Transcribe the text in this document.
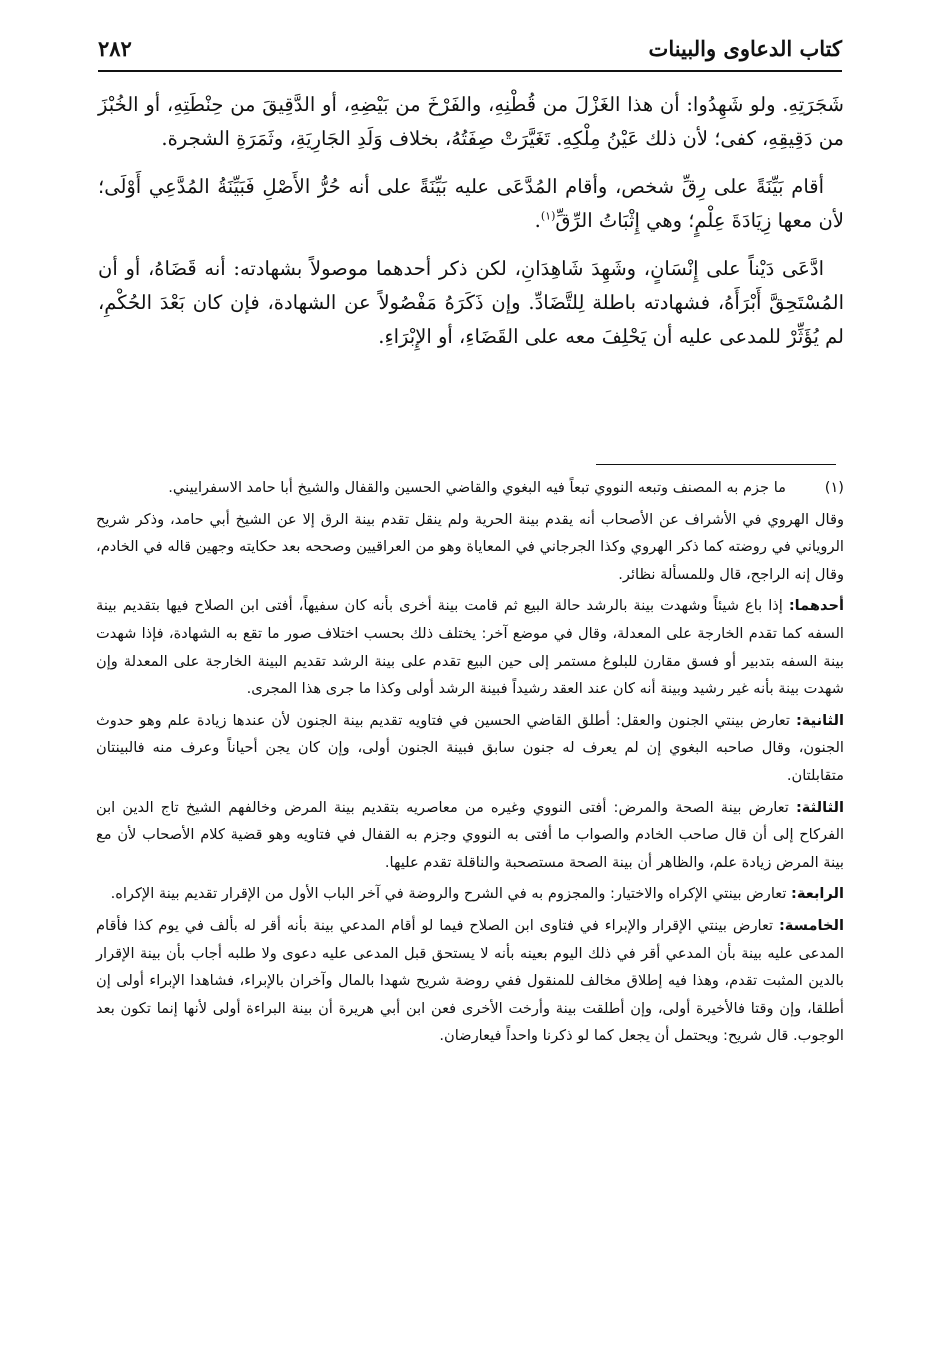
كتاب الدعاوى والبينات
٢٨٢

شَجَرَتِهِ. ولو شَهِدُوا: أن هذا الغَزْلَ من قُطْنِهِ، والفَرْخَ من بَيْضِهِ، أو الدَّقِيقَ من حِنْطَتِهِ، أو الخُبْزَ من دَقِيقِهِ، كفى؛ لأن ذلك عَيْنُ مِلْكِهِ. تَغَيَّرَتْ صِفَتُهُ، بخلاف وَلَدِ الجَارِيَةِ، وثَمَرَةِ الشجرة.

أقام بَيِّنَةً على رِقِّ شخص، وأقام المُدَّعَى عليه بَيِّنَةً على أنه حُرُّ الأَصْلِ فَبَيِّنَةُ المُدَّعِي أَوْلَى؛ لأن معها زِيَادَةَ عِلْمٍ؛ وهي إِثْبَاتُ الرِّقِّ$^{(١)}$.

ادَّعَى دَيْناً على إِنْسَانٍ، وشَهِدَ شَاهِدَانِ، لكن ذكر أحدهما موصولاً بشهادته: أنه قَضَاهُ، أو أن المُسْتَحِقَّ أَبْرَأَهُ، فشهادته باطلة لِلتَّضَادِّ. وإن ذَكَرَهُ مَفْصُولاً عن الشهادة، فإن كان بَعْدَ الحُكْمِ، لم يُؤَثِّرْ للمدعى عليه أن يَحْلِفَ معه على القَضَاءِ، أو الإِبْرَاءِ.

(١)
ما جزم به المصنف وتبعه النووي تبعاً فيه البغوي والقاضي الحسين والقفال والشيخ أبا حامد الاسفراييني.

وقال الهروي في الأشراف عن الأصحاب أنه يقدم بينة الحرية ولم ينقل تقدم بينة الرق إلا عن الشيخ أبي حامد، وذكر شريح الروياني في روضته كما ذكر الهروي وكذا الجرجاني في المعاياة وهو من العراقيين وصححه بعد حكايته وجهين قاله في الخادم، وقال إنه الراجح، قال وللمسألة نظائر.

أحدهما: إذا باع شيئاً وشهدت بينة بالرشد حالة البيع ثم قامت بينة أخرى بأنه كان سفيهاً، أفتى ابن الصلاح فيها بتقديم بينة السفه كما تقدم الخارجة على المعدلة، وقال في موضع آخر: يختلف ذلك بحسب اختلاف صور ما تقع به الشهادة، فإذا شهدت بينة السفه بتدبير أو فسق مقارن للبلوغ مستمر إلى حين البيع تقدم على بينة الرشد تقديم البينة الخارجة على المعدلة وإن شهدت بينة بأنه غير رشيد وبينة أنه كان عند العقد رشيداً فبينة الرشد أولى وكذا ما جرى هذا المجرى.

الثانية: تعارض بينتي الجنون والعقل: أطلق القاضي الحسين في فتاويه تقديم بينة الجنون لأن عندها زيادة علم وهو حدوث الجنون، وقال صاحبه البغوي إن لم يعرف له جنون سابق فبينة الجنون أولى، وإن كان يجن أحياناً وعرف منه فالبينتان متقابلتان.

الثالثة: تعارض بينة الصحة والمرض: أفتى النووي وغيره من معاصريه بتقديم بينة المرض وخالفهم الشيخ تاج الدين ابن الفركاح إلى أن قال صاحب الخادم والصواب ما أفتى به النووي وجزم به القفال في فتاويه وهو قضية كلام الأصحاب لأن مع بينة المرض زيادة علم، والظاهر أن بينة الصحة مستصحبة والناقلة تقدم عليها.

الرابعة: تعارض بينتي الإكراه والاختيار: والمجزوم به في الشرح والروضة في آخر الباب الأول من الإقرار تقديم بينة الإكراه.

الخامسة: تعارض بينتي الإقرار والإبراء في فتاوى ابن الصلاح فيما لو أقام المدعي بينة بأنه أقر له بألف في يوم كذا فأقام المدعى عليه بينة بأن المدعي أقر في ذلك اليوم بعينه بأنه لا يستحق قبل المدعى عليه دعوى ولا طلبه أجاب بأن بينة الإقرار بالدين المثبت تقدم، وهذا فيه إطلاق مخالف للمنقول ففي روضة شريح شهدا بالمال وآخران بالإبراء، فشاهدا الإبراء أولى إن أطلقا، وإن وقتا فالأخيرة أولى، وإن أطلقت بينة وأرخت الأخرى فعن ابن أبي هريرة أن بينة البراءة أولى لأنها إنما تكون بعد الوجوب. قال شريح: ويحتمل أن يجعل كما لو ذكرنا واحداً فيعارضان.
